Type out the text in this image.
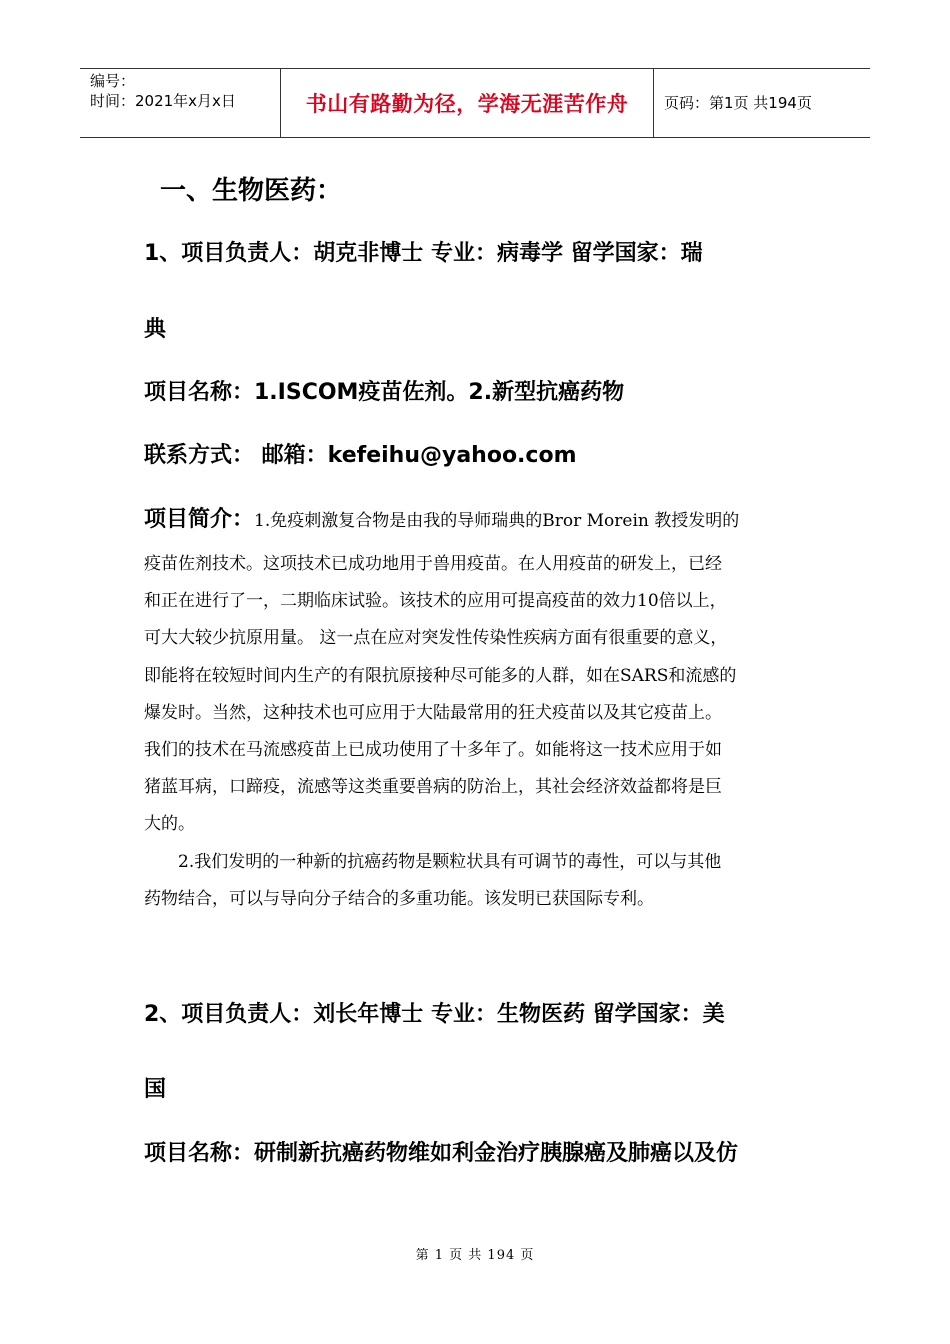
编号：
时间：2021年x月x日	书山有路勤为径，学海无涯苦作舟 页码：第1页 共194页
一、生物医药：
1、项目负责人：胡克非博士 专业：病毒学 留学国家：瑞
典
项目名称：1.ISCOM疫苗佐剂。2.新型抗癌药物
联系方式： 邮箱：kefeihu@yahoo.com
项目简介：1.免疫刺激复合物是由我的导师瑞典的Bror Morein 教授发明的
疫苗佐剂技术。这项技术已成功地用于兽用疫苗。在人用疫苗的研发上，已经
和正在进行了一，二期临床试验。该技术的应用可提高疫苗的效力10倍以上，
可大大较少抗原用量。 这一点在应对突发性传染性疾病方面有很重要的意义，
即能将在较短时间内生产的有限抗原接种尽可能多的人群，如在SARS和流感的
爆发时。当然，这种技术也可应用于大陆最常用的狂犬疫苗以及其它疫苗上。
我们的技术在马流感疫苗上已成功使用了十多年了。如能将这一技术应用于如
猪蓝耳病，口蹄疫，流感等这类重要兽病的防治上，其社会经济效益都将是巨
大的。
2.我们发明的一种新的抗癌药物是颗粒状具有可调节的毒性，可以与其他
药物结合，可以与导向分子结合的多重功能。该发明已获国际专利。
2、项目负责人：刘长年博士 专业：生物医药 留学国家：美
国
项目名称：研制新抗癌药物维如利金治疗胰腺癌及肺癌以及仿
第 1 页 共 194 页
